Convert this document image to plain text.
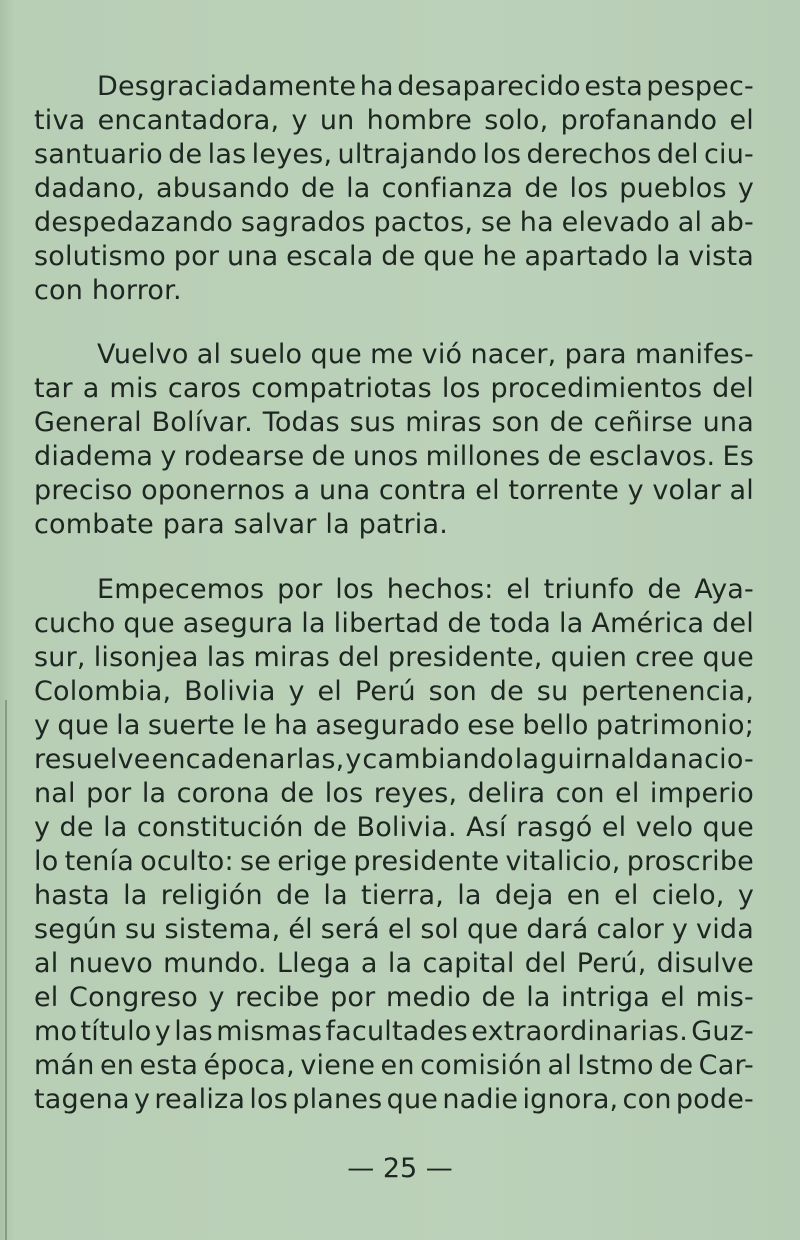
Desgraciadamente ha desaparecido esta pespec-
tiva encantadora, y un hombre solo, profanando el
santuario de las leyes, ultrajando los derechos del ciu-
dadano, abusando de la confianza de los pueblos y
despedazando sagrados pactos, se ha elevado al ab-
solutismo por una escala de que he apartado la vista
con horror.
Vuelvo al suelo que me vió nacer, para manifes-
tar a mis caros compatriotas los procedimientos del
General Bolívar. Todas sus miras son de ceñirse una
diadema y rodearse de unos millones de esclavos. Es
preciso oponernos a una contra el torrente y volar al
combate para salvar la patria.
Empecemos por los hechos: el triunfo de Aya-
cucho que asegura la libertad de toda la América del
sur, lisonjea las miras del presidente, quien cree que
Colombia, Bolivia y el Perú son de su pertenencia,
y que la suerte le ha asegurado ese bello patrimonio;
resuelve encadenarlas, y cambiando la guirnalda nacio-
nal por la corona de los reyes, delira con el imperio
y de la constitución de Bolivia. Así rasgó el velo que
lo tenía oculto: se erige presidente vitalicio, proscribe
hasta la religión de la tierra, la deja en el cielo, y
según su sistema, él será el sol que dará calor y vida
al nuevo mundo. Llega a la capital del Perú, disulve
el Congreso y recibe por medio de la intriga el mis-
mo título y las mismas facultades extraordinarias. Guz-
mán en esta época, viene en comisión al Istmo de Car-
tagena y realiza los planes que nadie ignora, con pode-
— 25 —
